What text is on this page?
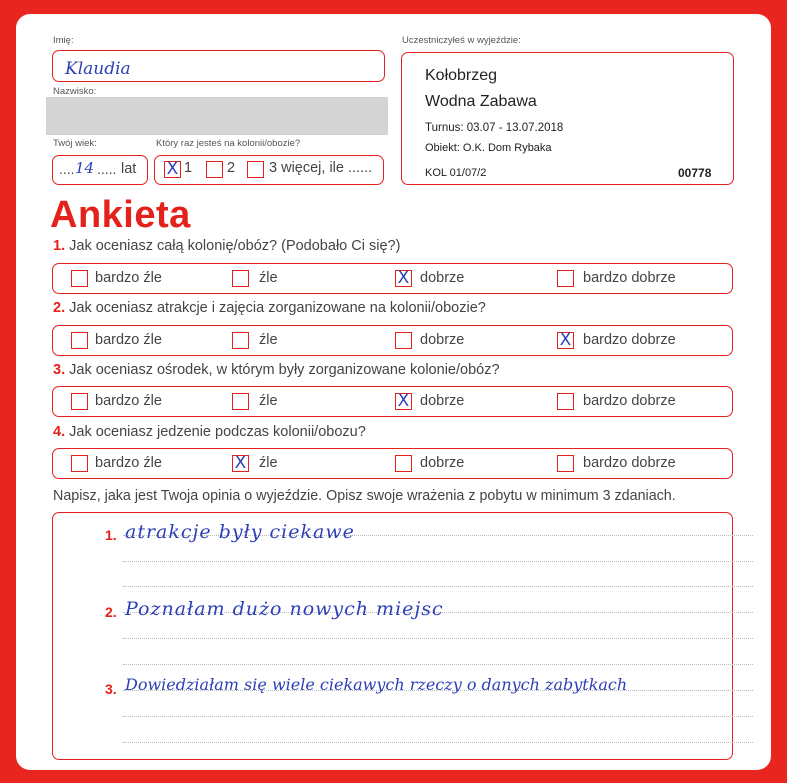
Imię:
Klaudia
Nazwisko:
Twój wiek:
.... 14 ..... lat
Który raz jesteś na kolonii/obozie?
X 1 2 3 więcej, ile ......
Uczestniczyłeś w wyjeździe:
Kołobrzeg
Wodna Zabawa
Turnus: 03.07 - 13.07.2018
Obiekt: O.K. Dom Rybaka
KOL 01/07/2	00778
Ankieta
1. Jak oceniasz całą kolonię/obóz? (Podobało Ci się?)
bardzo źle	źle	X dobrze	bardzo dobrze
2. Jak oceniasz atrakcje i zajęcia zorganizowane na kolonii/obozie?
bardzo źle	źle	dobrze	X bardzo dobrze
3. Jak oceniasz ośrodek, w którym były zorganizowane kolonie/obóz?
bardzo źle	źle	X dobrze	bardzo dobrze
4. Jak oceniasz jedzenie podczas kolonii/obozu?
bardzo źle	X źle	dobrze	bardzo dobrze
Napisz, jaka jest Twoja opinia o wyjeździe. Opisz swoje wrażenia z pobytu w minimum 3 zdaniach.
1. atrakcje były ciekawe
2. Poznałam dużo nowych miejsc
3. Dowiedziałam się wiele ciekawych rzeczy o danych zabytkach
